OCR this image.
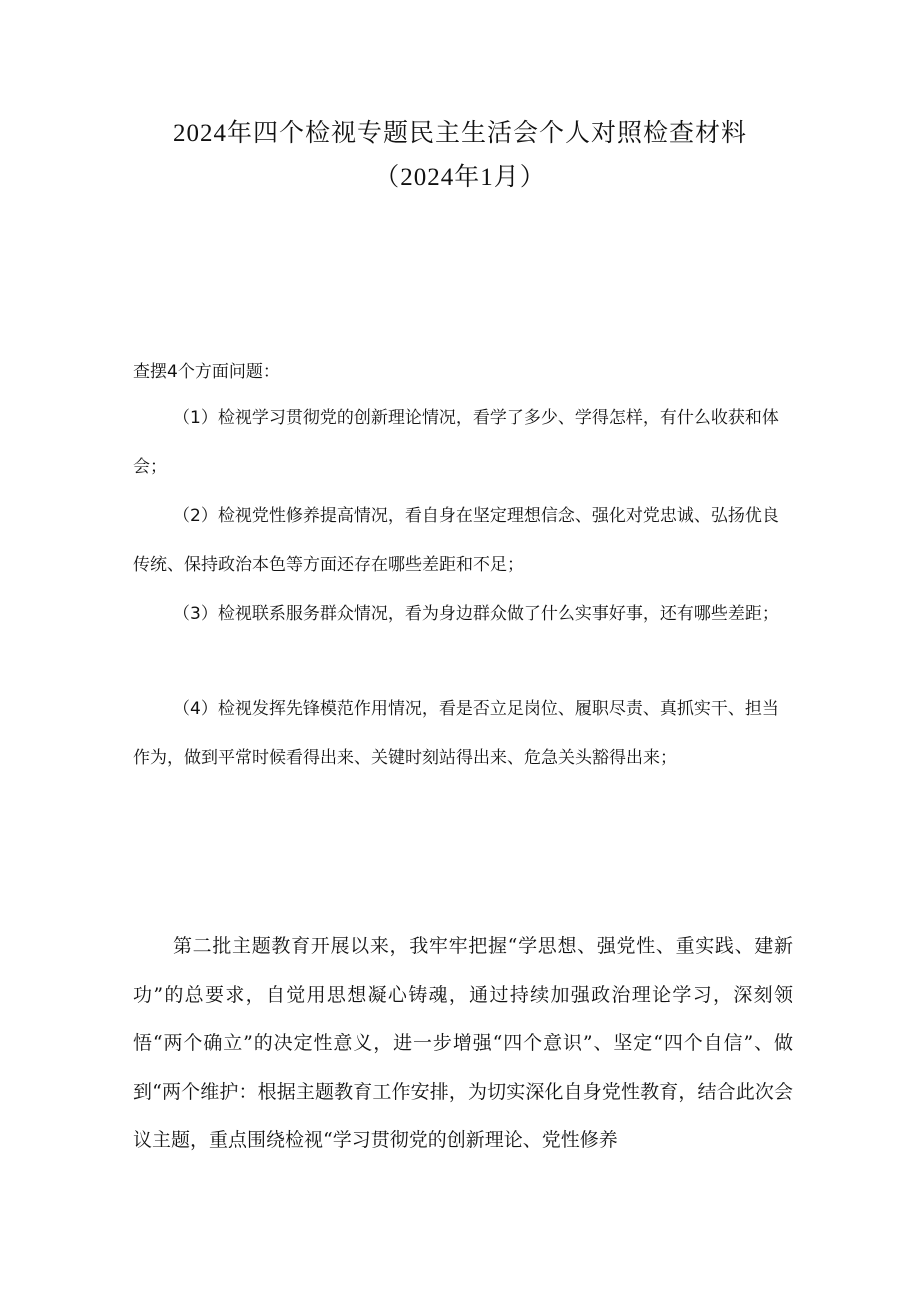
2024年四个检视专题民主生活会个人对照检查材料
（2024年1月）
查摆4个方面问题：
（1）检视学习贯彻党的创新理论情况，看学了多少、学得怎样，有什么收获和体会；
（2）检视党性修养提高情况，看自身在坚定理想信念、强化对党忠诚、弘扬优良传统、保持政治本色等方面还存在哪些差距和不足；
（3）检视联系服务群众情况，看为身边群众做了什么实事好事，还有哪些差距；
（4）检视发挥先锋模范作用情况，看是否立足岗位、履职尽责、真抓实干、担当作为，做到平常时候看得出来、关键时刻站得出来、危急关头豁得出来；
第二批主题教育开展以来，我牢牢把握“学思想、强党性、重实践、建新功”的总要求，自觉用思想凝心铸魂，通过持续加强政治理论学习，深刻领悟“两个确立”的决定性意义，进一步增强“四个意识”、坚定“四个自信”、做到“两个维护：根据主题教育工作安排，为切实深化自身党性教育，结合此次会议主题，重点围绕检视“学习贯彻党的创新理论、党性修养
